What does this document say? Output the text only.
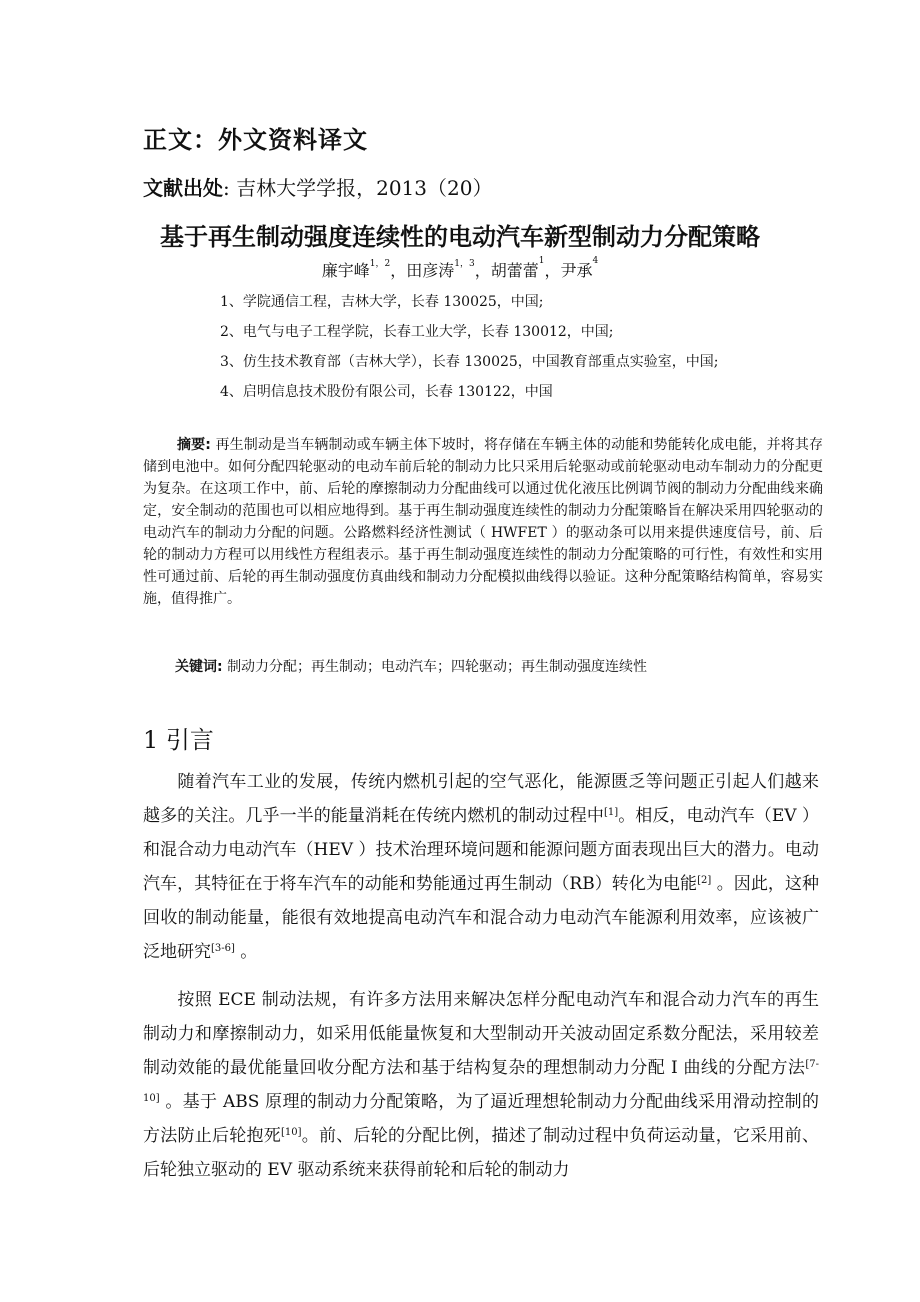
正文：外文资料译文
文献出处: 吉林大学学报，2013（20）
基于再生制动强度连续性的电动汽车新型制动力分配策略
廉宇峰$^{1,2}$，田彦涛$^{1,3}$，胡蕾蕾$^1$，尹承$^4$
1、学院通信工程，吉林大学，长春 130025，中国;
2、电气与电子工程学院，长春工业大学，长春 130012，中国;
3、仿生技术教育部（吉林大学），长春 130025，中国教育部重点实验室，中国;
4、启明信息技术股份有限公司，长春 130122，中国
摘要: 再生制动是当车辆制动或车辆主体下坡时，将存储在车辆主体的动能和势能转化成电能，并将其存储到电池中。如何分配四轮驱动的电动车前后轮的制动力比只采用后轮驱动或前轮驱动电动车制动力的分配更为复杂。在这项工作中，前、后轮的摩擦制动力分配曲线可以通过优化液压比例调节阀的制动力分配曲线来确定，安全制动的范围也可以相应地得到。基于再生制动强度连续性的制动力分配策略旨在解决采用四轮驱动的电动汽车的制动力分配的问题。公路燃料经济性测试（ HWFET ）的驱动条可以用来提供速度信号，前、后轮的制动力方程可以用线性方程组表示。基于再生制动强度连续性的制动力分配策略的可行性，有效性和实用性可通过前、后轮的再生制动强度仿真曲线和制动力分配模拟曲线得以验证。这种分配策略结构简单，容易实施，值得推广。
关键词: 制动力分配；再生制动；电动汽车；四轮驱动；再生制动强度连续性
1 引言
随着汽车工业的发展，传统内燃机引起的空气恶化，能源匮乏等问题正引起人们越来越多的关注。几乎一半的能量消耗在传统内燃机的制动过程中[1]。相反，电动汽车（EV ）和混合动力电动汽车（HEV ）技术治理环境问题和能源问题方面表现出巨大的潜力。电动汽车，其特征在于将车汽车的动能和势能通过再生制动（RB）转化为电能[2] 。因此，这种回收的制动能量，能很有效地提高电动汽车和混合动力电动汽车能源利用效率，应该被广泛地研究[3-6] 。
按照 ECE 制动法规，有许多方法用来解决怎样分配电动汽车和混合动力汽车的再生制动力和摩擦制动力，如采用低能量恢复和大型制动开关波动固定系数分配法，采用较差制动效能的最优能量回收分配方法和基于结构复杂的理想制动力分配 I 曲线的分配方法[7-10] 。基于 ABS 原理的制动力分配策略，为了逼近理想轮制动力分配曲线采用滑动控制的方法防止后轮抱死[10]。前、后轮的分配比例，描述了制动过程中负荷运动量，它采用前、后轮独立驱动的 EV 驱动系统来获得前轮和后轮的制动力
